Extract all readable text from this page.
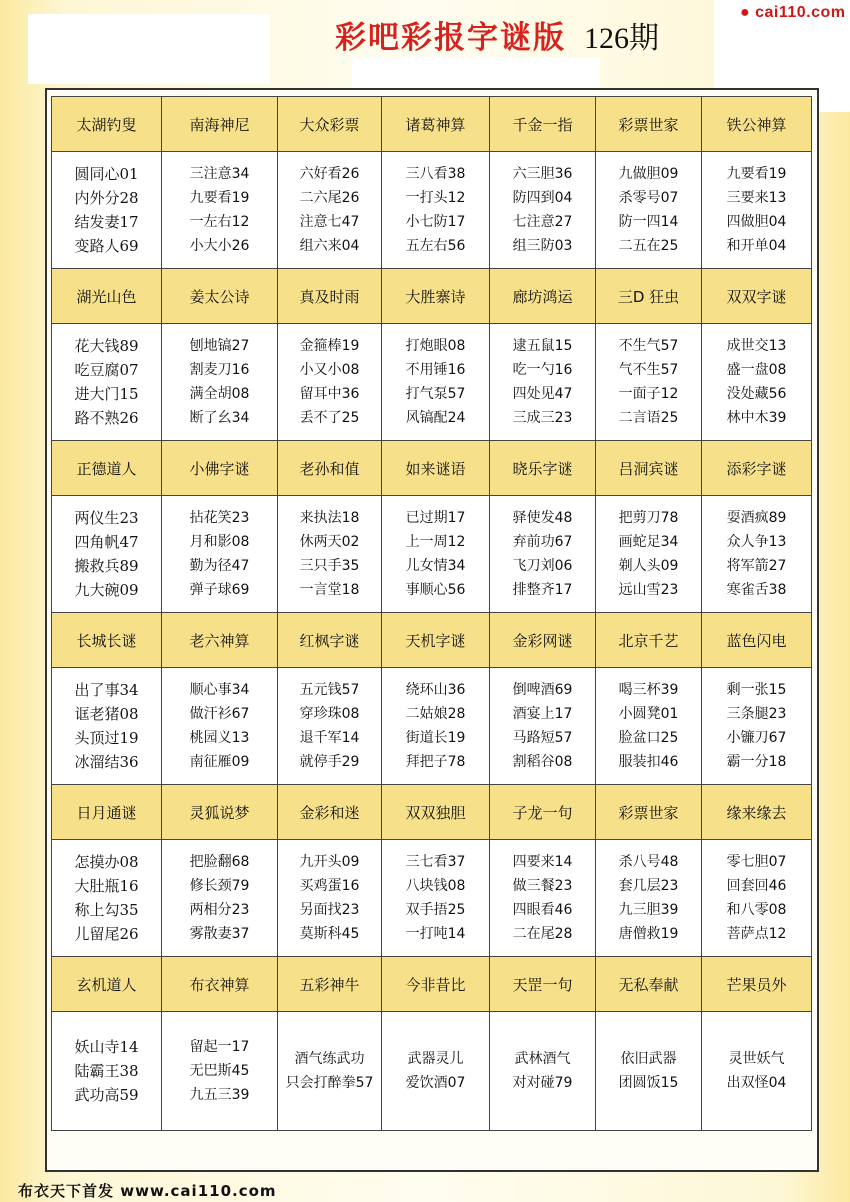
彩吧彩报字谜版 126期
● cai110.com
太湖钓叟	南海神尼	大众彩票	诸葛神算	千金一指	彩票世家	铁公神算

圆同心01
内外分28
结发妻17
变路人69	三注意34
九要看19
一左右12
小大小26	六好看26
二六尾26
注意七47
组六来04	三八看38
一打头12
小七防17
五左右56	六三胆36
防四到04
七注意27
组三防03	九做胆09
杀零号07
防一四14
二五在25	九要看19
三要来13
四做胆04
和开单04

湖光山色	姜太公诗	真及时雨	大胜寨诗	廊坊鸿运	三D 狂虫	双双字谜

花大钱89
吃豆腐07
进大门15
路不熟26	刨地镐27
割麦刀16
满全胡08
断了幺34	金箍棒19
小又小08
留耳中36
丢不了25	打炮眼08
不用锤16
打气泵57
风镐配24	逮五鼠15
吃一勺16
四处见47
三成三23	不生气57
气不生57
一面子12
二言语25	成世交13
盛一盘08
没处藏56
林中木39

正德道人	小佛字谜	老孙和值	如来谜语	晓乐字谜	吕洞宾谜	添彩字谜

两仪生23
四角帆47
搬救兵89
九大碗09	拈花笑23
月和影08
勤为径47
弹子球69	来执法18
休两天02
三只手35
一言堂18	已过期17
上一周12
儿女情34
事顺心56	驿使发48
弃前功67
飞刀刘06
排整齐17	把剪刀78
画蛇足34
剃人头09
远山雪23	耍酒疯89
众人争13
将军箭27
寒雀舌38

长城长谜	老六神算	红枫字谜	天机字谜	金彩网谜	北京千艺	蓝色闪电

出了事34
诓老猪08
头顶过19
冰溜结36	顺心事34
做汗衫67
桃园义13
南征雁09	五元钱57
穿珍珠08
退千军14
就停手29	绕环山36
二姑娘28
街道长19
拜把子78	倒啤酒69
酒宴上17
马路短57
割稻谷08	喝三杯39
小圆凳01
脸盆口25
服装扣46	剩一张15
三条腿23
小镰刀67
霸一分18

日月通谜	灵狐说梦	金彩和迷	双双独胆	子龙一句	彩票世家	缘来缘去

怎摸办08
大肚瓶16
称上勾35
儿留尾26	把脸翻68
修长颈79
两相分23
雾散妻37	九开头09
买鸡蛋16
另面找23
莫斯科45	三七看37
八块钱08
双手捂25
一打吨14	四要来14
做三餐23
四眼看46
二在尾28	杀八号48
套几层23
九三胆39
唐僧救19	零七胆07
回套回46
和八零08
菩萨点12

玄机道人	布衣神算	五彩神牛	今非昔比	天罡一句	无私奉献	芒果员外

妖山寺14
陆霸王38
武功高59	留起一17
无巴斯45
九五三39	酒气练武功
只会打醉拳57	武器灵儿
爱饮酒07	武林酒气
对对碰79	依旧武器
团圆饭15	灵世妖气
出双怪04
布衣天下首发 www.cai110.com
